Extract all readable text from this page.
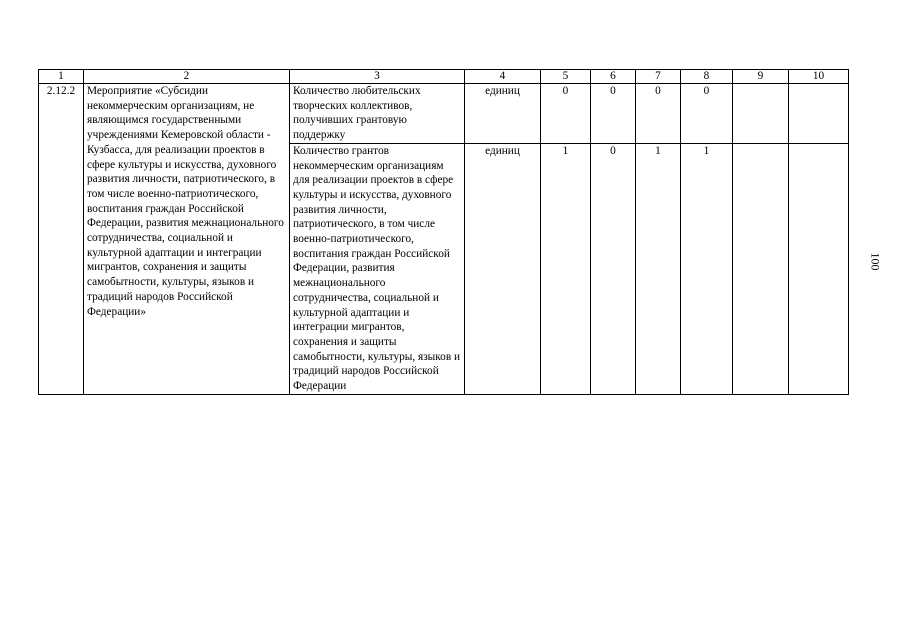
1	2	3	4	5	6	7	8	9	10
2.12.2	Мероприятие «Субсидии некоммерческим организациям, не являющимся государственными учреждениями Кемеровской области - Кузбасса, для реализации проектов в сфере культуры и искусства, духовного развития личности, патриотического, в том числе военно-патриотического, воспитания граждан Российской Федерации, развития межнационального сотрудничества, социальной и культурной адаптации и интеграции мигрантов, сохранения и защиты самобытности, культуры, языков и традиций народов Российской Федерации»	Количество любительских творческих коллективов, получивших грантовую поддержку	единиц	0	0	0	0		
		Количество грантов некоммерческим организациям для реализации проектов в сфере культуры и искусства, духовного развития личности, патриотического, в том числе военно-патриотического, воспитания граждан Российской Федерации, развития межнационального сотрудничества, социальной и культурной адаптации и интеграции мигрантов, сохранения и защиты самобытности, культуры, языков и традиций народов Российской Федерации	единиц	1	0	1	1		
100
